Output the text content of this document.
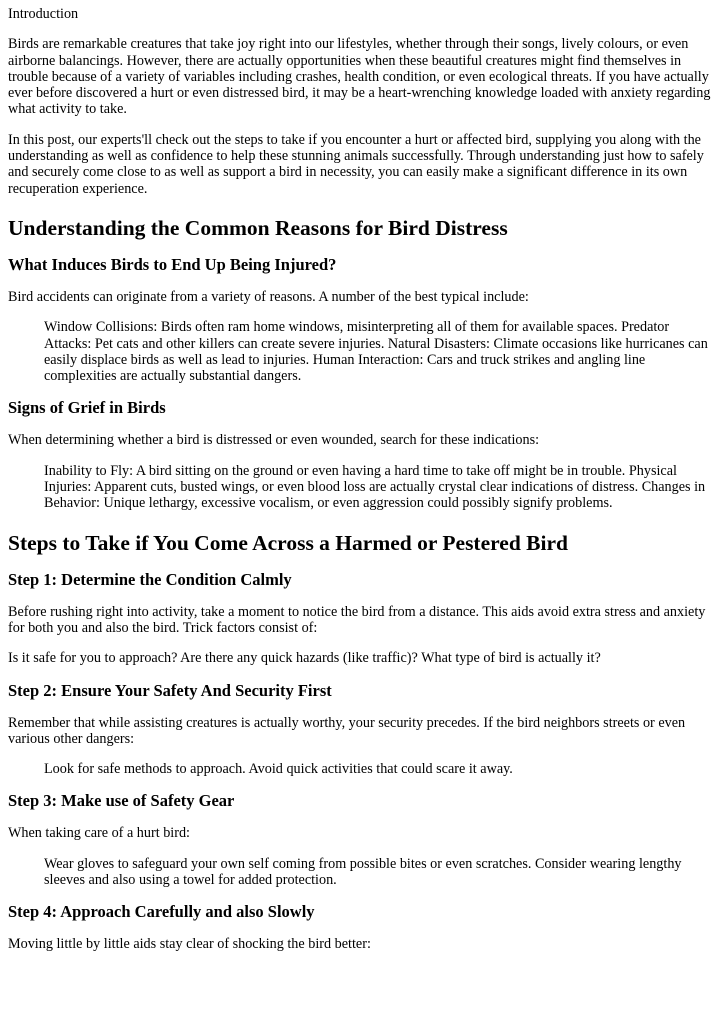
Introduction

Birds are remarkable creatures that take joy right into our lifestyles, whether through their songs, lively colours, or even airborne balancings. However, there are actually opportunities when these beautiful creatures might find themselves in trouble because of a variety of variables including crashes, health condition, or even ecological threats. If you have actually ever before discovered a hurt or even distressed bird, it may be a heart-wrenching knowledge loaded with anxiety regarding what activity to take.

In this post, our experts'll check out the steps to take if you encounter a hurt or affected bird, supplying you along with the understanding as well as confidence to help these stunning animals successfully. Through understanding just how to safely and securely come close to as well as support a bird in necessity, you can easily make a significant difference in its own recuperation experience.

Understanding the Common Reasons for Bird Distress
What Induces Birds to End Up Being Injured?

Bird accidents can originate from a variety of reasons. A number of the best typical include:

Window Collisions: Birds often ram home windows, misinterpreting all of them for available spaces. Predator Attacks: Pet cats and other killers can create severe injuries. Natural Disasters: Climate occasions like hurricanes can easily displace birds as well as lead to injuries. Human Interaction: Cars and truck strikes and angling line complexities are actually substantial dangers.
Signs of Grief in Birds

When determining whether a bird is distressed or even wounded, search for these indications:

Inability to Fly: A bird sitting on the ground or even having a hard time to take off might be in trouble. Physical Injuries: Apparent cuts, busted wings, or even blood loss are actually crystal clear indications of distress. Changes in Behavior: Unique lethargy, excessive vocalism, or even aggression could possibly signify problems.
Steps to Take if You Come Across a Harmed or Pestered Bird
Step 1: Determine the Condition Calmly

Before rushing right into activity, take a moment to notice the bird from a distance. This aids avoid extra stress and anxiety for both you and also the bird. Trick factors consist of:

Is it safe for you to approach? Are there any quick hazards (like traffic)? What type of bird is actually it?

Step 2: Ensure Your Safety And Security First

Remember that while assisting creatures is actually worthy, your security precedes. If the bird neighbors streets or even various other dangers:

Look for safe methods to approach. Avoid quick activities that could scare it away.
Step 3: Make use of Safety Gear

When taking care of a hurt bird:

Wear gloves to safeguard your own self coming from possible bites or even scratches. Consider wearing lengthy sleeves and also using a towel for added protection.
Step 4: Approach Carefully and also Slowly

Moving little by little aids stay clear of shocking the bird better:
